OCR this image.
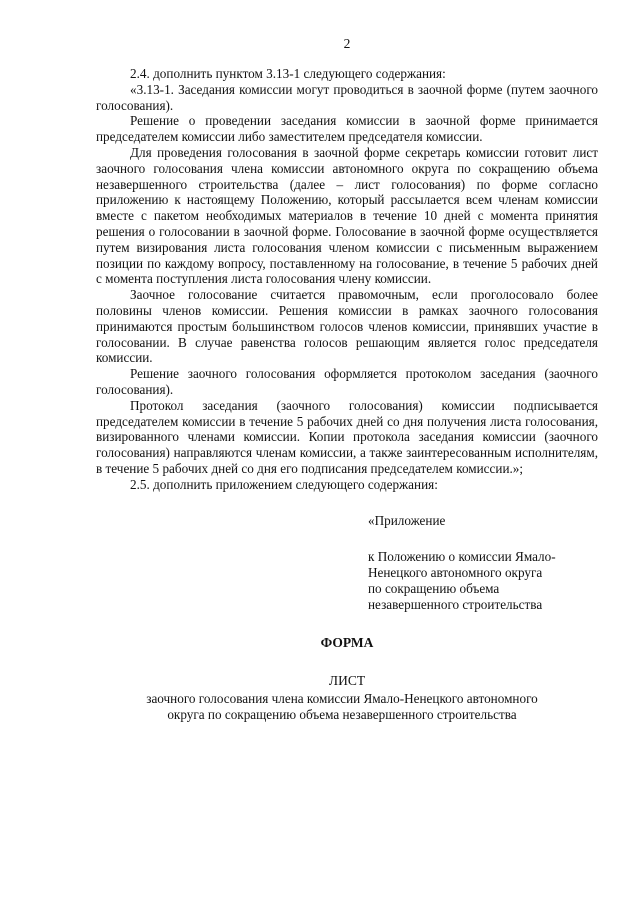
2

2.4. дополнить пунктом 3.13-1 следующего содержания:

«3.13-1. Заседания комиссии могут проводиться в заочной форме (путем заочного голосования).

Решение о проведении заседания комиссии в заочной форме принимается председателем комиссии либо заместителем председателя комиссии.

Для проведения голосования в заочной форме секретарь комиссии готовит лист заочного голосования члена комиссии автономного округа по сокращению объема незавершенного строительства (далее – лист голосования) по форме согласно приложению к настоящему Положению, который рассылается всем членам комиссии вместе с пакетом необходимых материалов в течение 10 дней с момента принятия решения о голосовании в заочной форме. Голосование в заочной форме осуществляется путем визирования листа голосования членом комиссии с письменным выражением позиции по каждому вопросу, поставленному на голосование, в течение 5 рабочих дней с момента поступления листа голосования члену комиссии.

Заочное голосование считается правомочным, если проголосовало более половины членов комиссии. Решения комиссии в рамках заочного голосования принимаются простым большинством голосов членов комиссии, принявших участие в голосовании. В случае равенства голосов решающим является голос председателя комиссии.

Решение заочного голосования оформляется протоколом заседания (заочного голосования).

Протокол заседания (заочного голосования) комиссии подписывается председателем комиссии в течение 5 рабочих дней со дня получения листа голосования, визированного членами комиссии. Копии протокола заседания комиссии (заочного голосования) направляются членам комиссии, а также заинтересованным исполнителям, в течение 5 рабочих дней со дня его подписания председателем комиссии.»;

2.5. дополнить приложением следующего содержания:

«Приложение
к Положению о комиссии Ямало-
Ненецкого автономного округа
по сокращению объема
незавершенного строительства
ФОРМА
ЛИСТ
заочного голосования члена комиссии Ямало-Ненецкого автономного
округа по сокращению объема незавершенного строительства
